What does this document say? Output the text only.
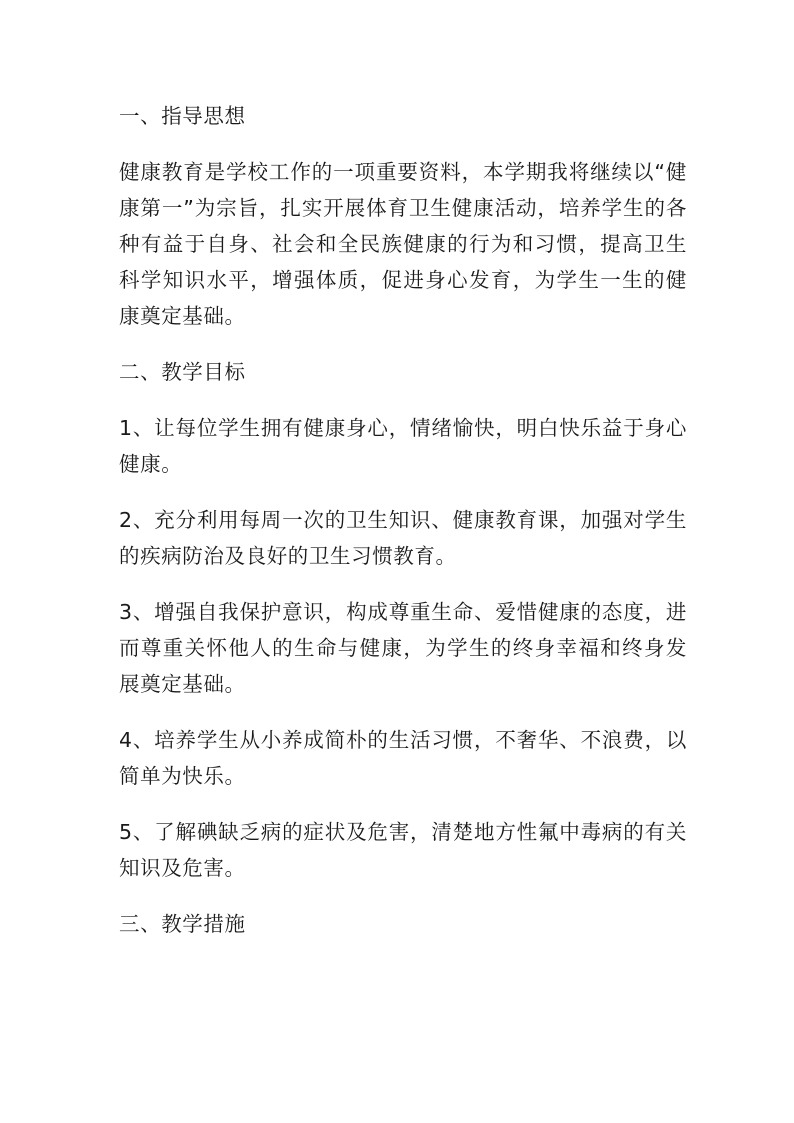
一、指导思想
健康教育是学校工作的一项重要资料，本学期我将继续以“健康第一”为宗旨，扎实开展体育卫生健康活动，培养学生的各种有益于自身、社会和全民族健康的行为和习惯，提高卫生科学知识水平，增强体质，促进身心发育，为学生一生的健康奠定基础。
二、教学目标
1、让每位学生拥有健康身心，情绪愉快，明白快乐益于身心健康。
2、充分利用每周一次的卫生知识、健康教育课，加强对学生的疾病防治及良好的卫生习惯教育。
3、增强自我保护意识，构成尊重生命、爱惜健康的态度，进而尊重关怀他人的生命与健康，为学生的终身幸福和终身发展奠定基础。
4、培养学生从小养成简朴的生活习惯，不奢华、不浪费，以简单为快乐。
5、了解碘缺乏病的症状及危害，清楚地方性氟中毒病的有关知识及危害。
三、教学措施
